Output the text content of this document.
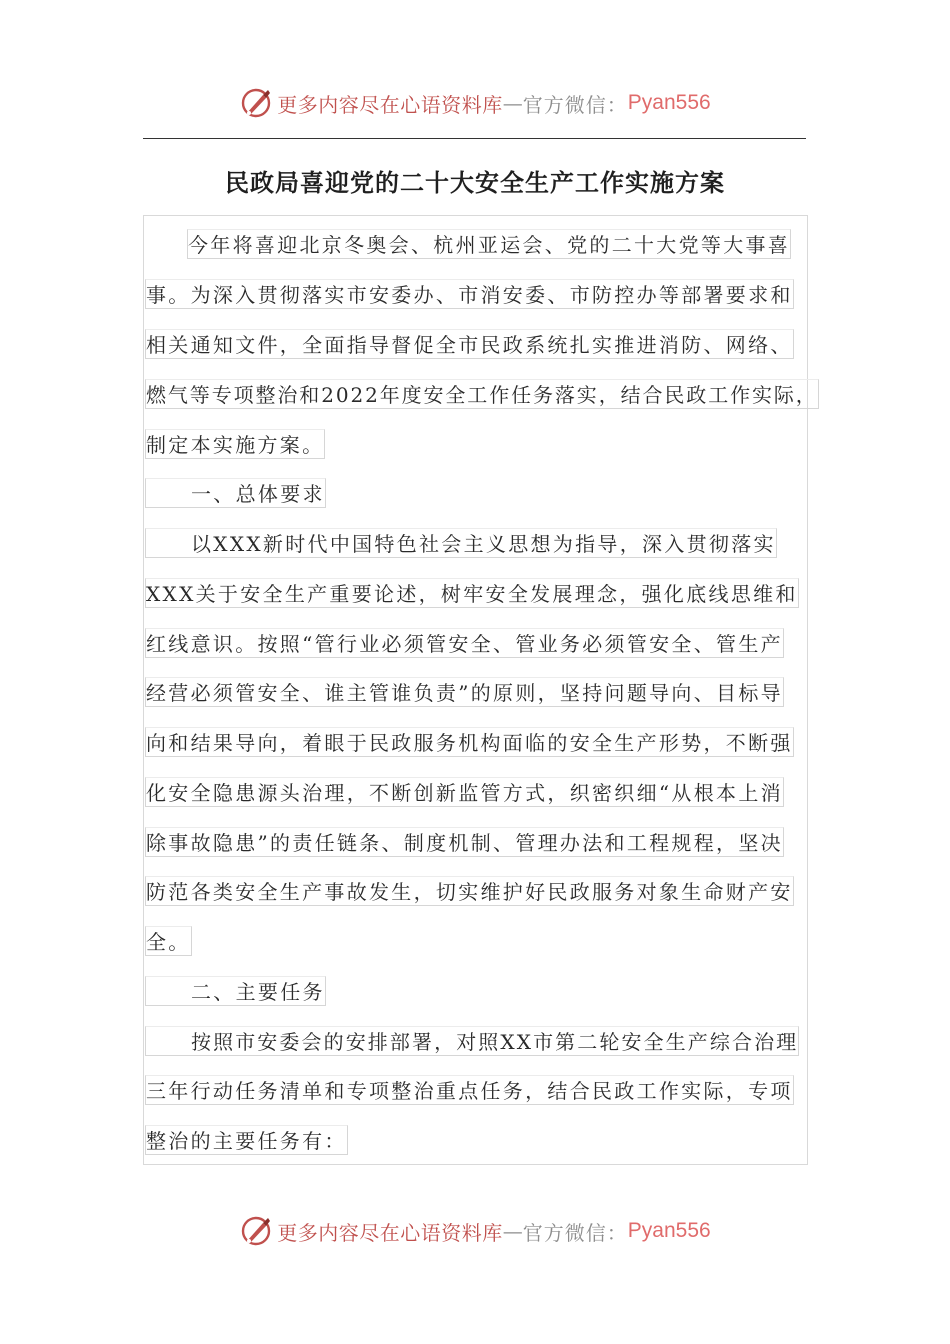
更多内容尽在心语资料库 — 官方微信： Pyan556
民政局喜迎党的二十大安全生产工作实施方案
今年将喜迎北京冬奥会、杭州亚运会、党的二十大党等大事喜
事。为深入贯彻落实市安委办、市消安委、市防控办等部署要求和
相关通知文件，全面指导督促全市民政系统扎实推进消防、网络、
燃气等专项整治和2022年度安全工作任务落实，结合民政工作实际，
制定本实施方案。
一、总体要求
以XXX新时代中国特色社会主义思想为指导，深入贯彻落实
XXX关于安全生产重要论述，树牢安全发展理念，强化底线思维和
红线意识。按照“管行业必须管安全、管业务必须管安全、管生产
经营必须管安全、谁主管谁负责”的原则，坚持问题导向、目标导
向和结果导向，着眼于民政服务机构面临的安全生产形势，不断强
化安全隐患源头治理，不断创新监管方式，织密织细“从根本上消
除事故隐患”的责任链条、制度机制、管理办法和工程规程，坚决
防范各类安全生产事故发生，切实维护好民政服务对象生命财产安
全。
二、主要任务
按照市安委会的安排部署，对照XX市第二轮安全生产综合治理
三年行动任务清单和专项整治重点任务，结合民政工作实际，专项
整治的主要任务有：
更多内容尽在心语资料库 — 官方微信： Pyan556
